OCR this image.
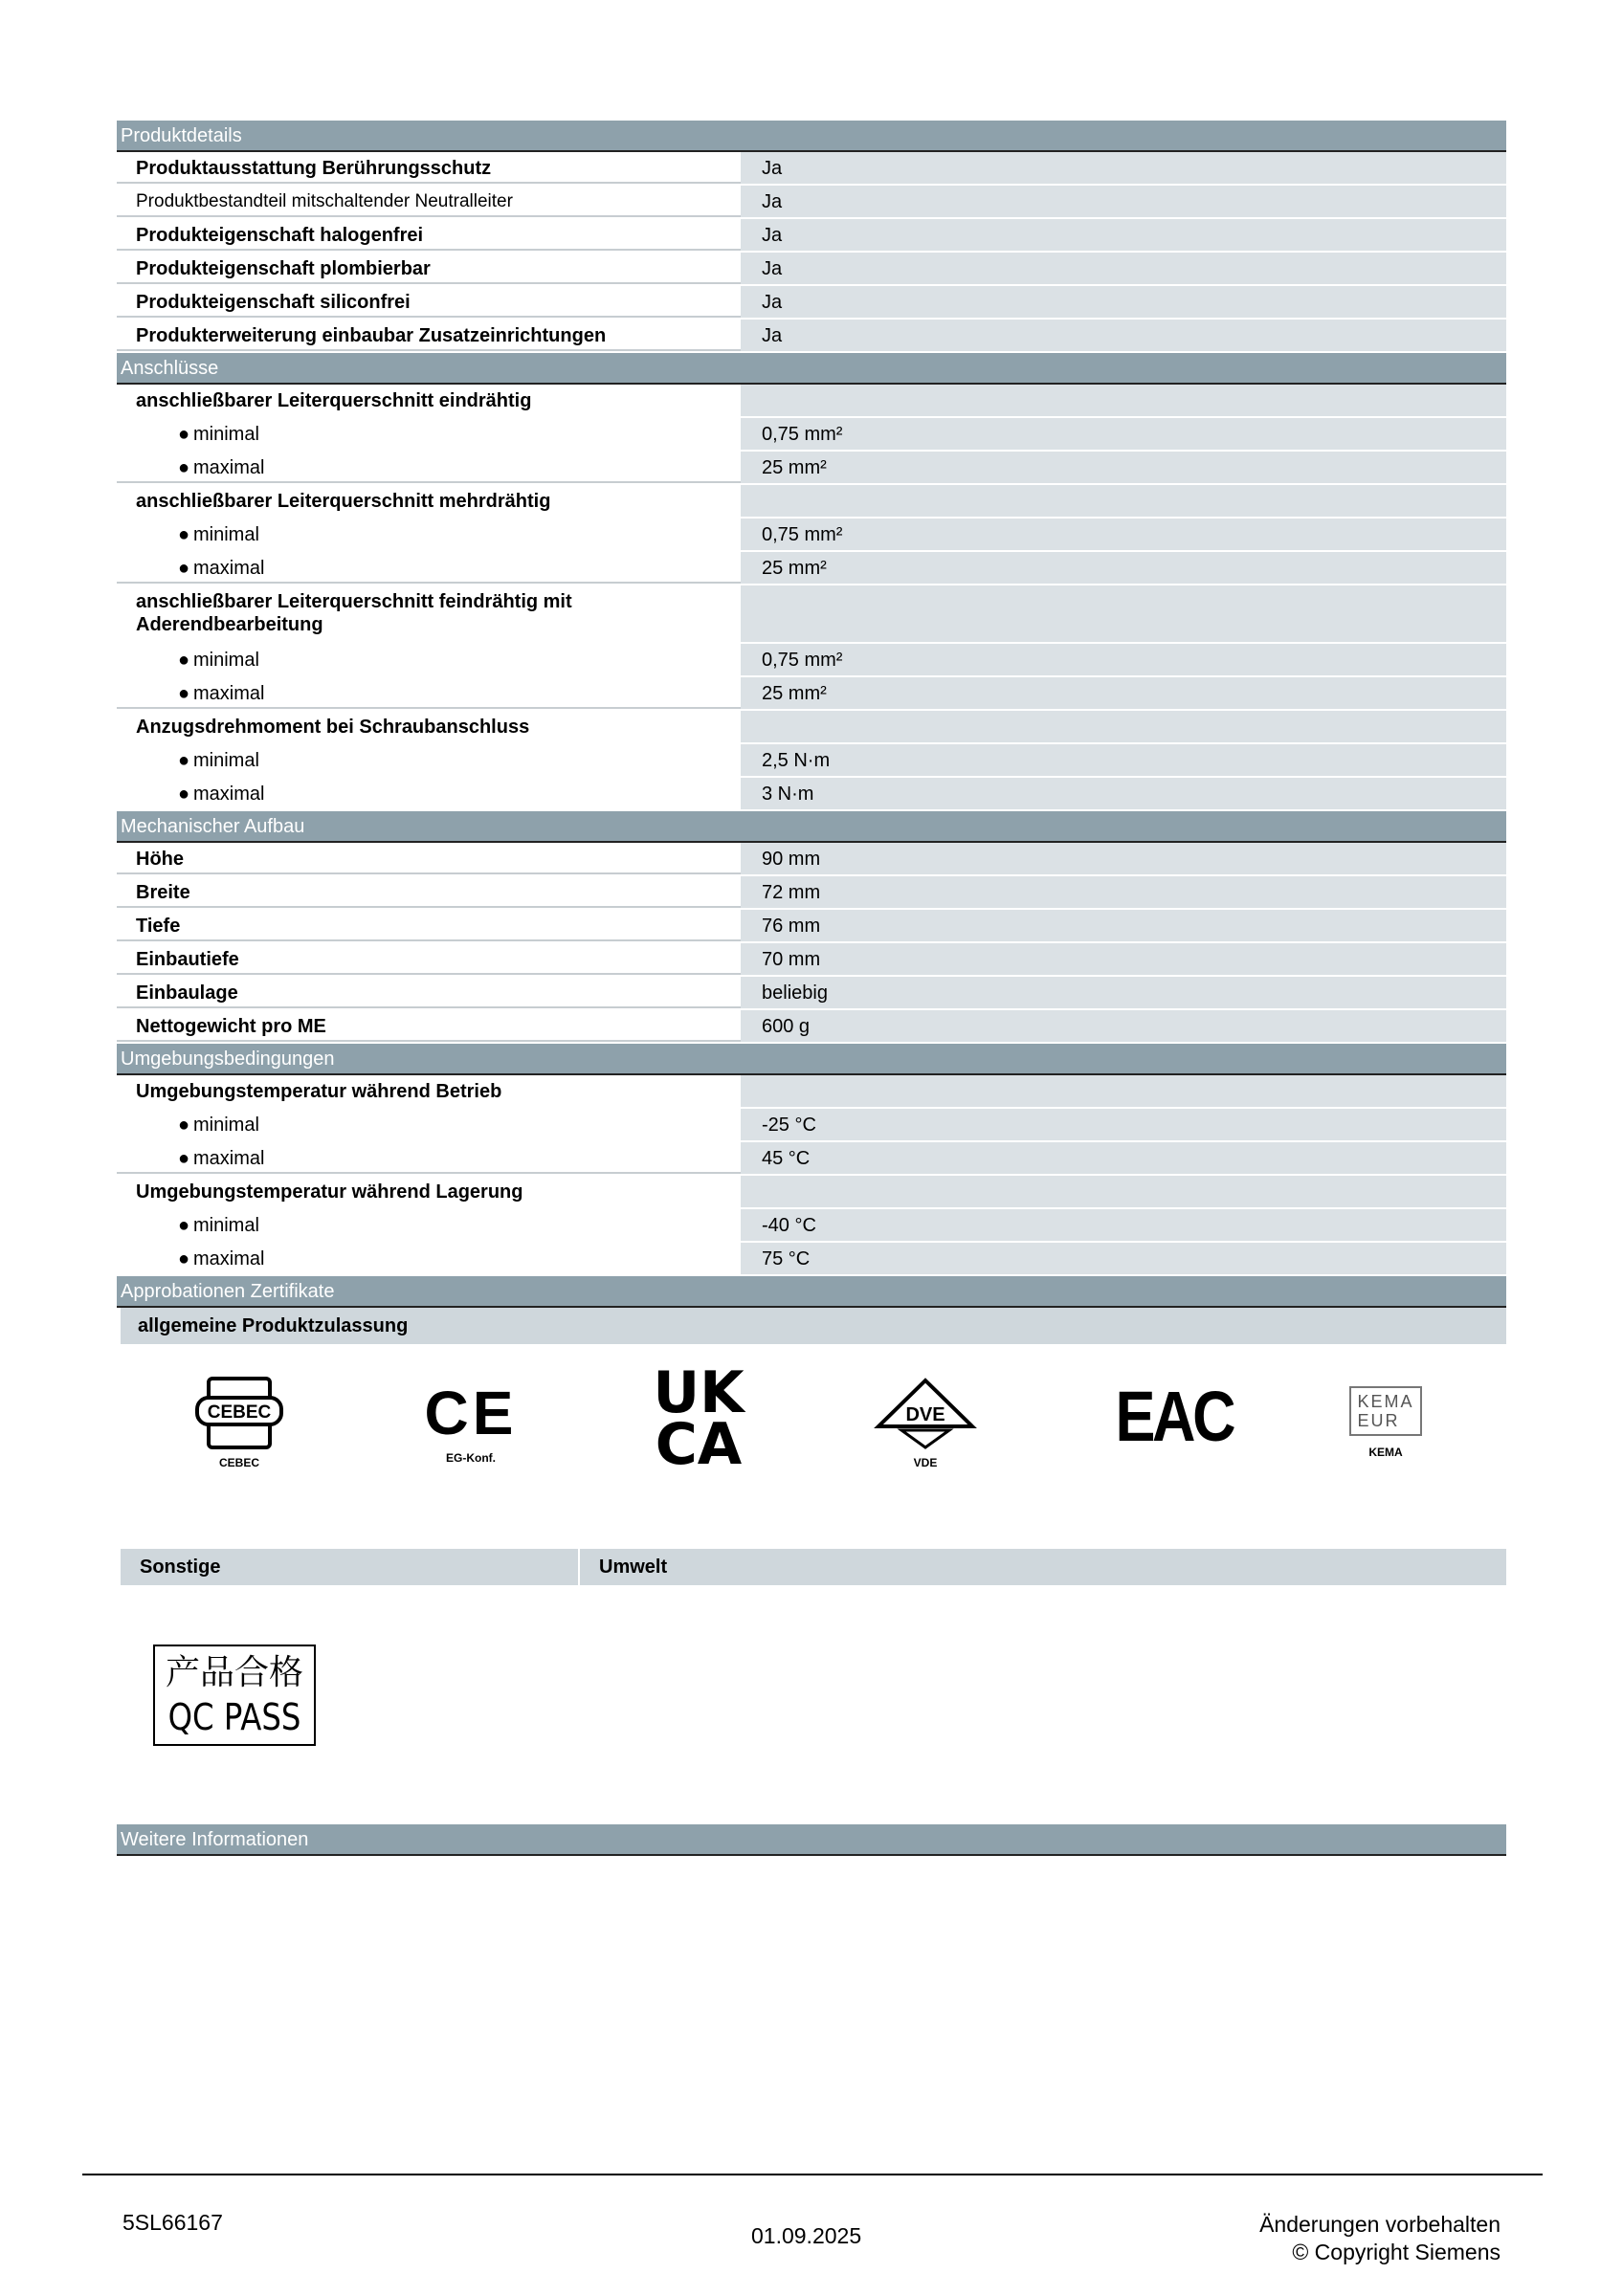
Produktdetails
Produktausstattung Berührungsschutz	Ja
Produktbestandteil mitschaltender Neutralleiter	Ja
Produkteigenschaft halogenfrei	Ja
Produkteigenschaft plombierbar	Ja
Produkteigenschaft siliconfrei	Ja
Produkterweiterung einbaubar Zusatzeinrichtungen	Ja
Anschlüsse
anschließbarer Leiterquerschnitt eindrähtig
● minimal	0,75 mm²
● maximal	25 mm²
anschließbarer Leiterquerschnitt mehrdrähtig
● minimal	0,75 mm²
● maximal	25 mm²
anschließbarer Leiterquerschnitt feindrähtig mit
Aderendbearbeitung
● minimal	0,75 mm²
● maximal	25 mm²
Anzugsdrehmoment bei Schraubanschluss
● minimal	2,5 N·m
● maximal	3 N·m
Mechanischer Aufbau
Höhe	90 mm
Breite	72 mm
Tiefe	76 mm
Einbautiefe	70 mm
Einbaulage	beliebig
Nettogewicht pro ME	600 g
Umgebungsbedingungen
Umgebungstemperatur während Betrieb
● minimal	-25 °C
● maximal	45 °C
Umgebungstemperatur während Lagerung
● minimal	-40 °C
● maximal	75 °C
Approbationen Zertifikate
allgemeine Produktzulassung
CEBEC
CEBEC
CE
EG-Konf.
UK
CA	DVE
VDE
EAC	KEMA
EUR
KEMA
Sonstige	Umwelt
产品合格
QC PASS
Weitere Informationen
5SL66167
01.09.2025	Änderungen vorbehalten
© Copyright Siemens
